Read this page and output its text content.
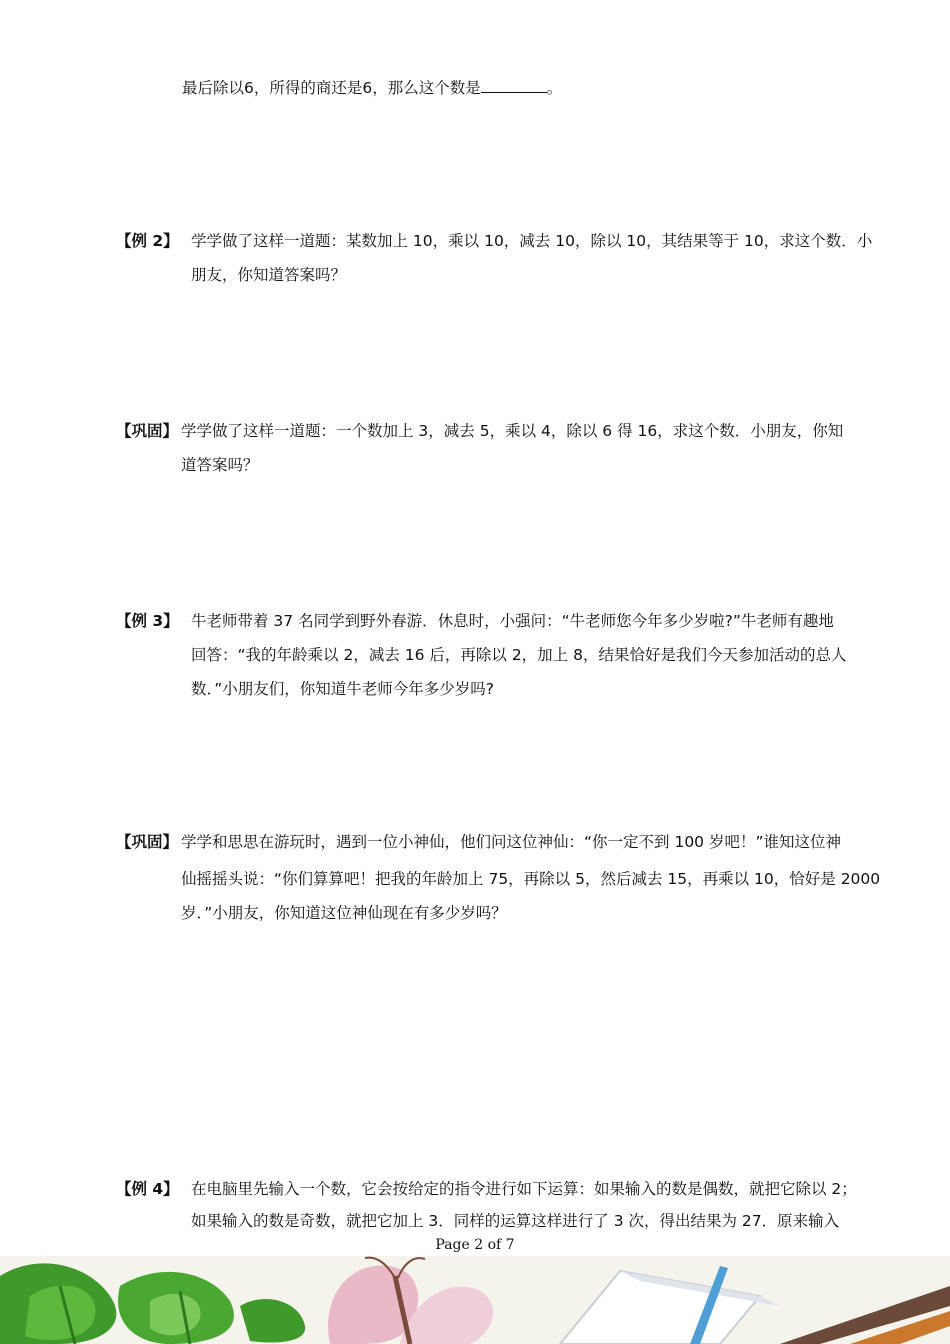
最后除以6，所得的商还是6，那么这个数是	。
【例 2】 学学做了这样一道题：某数加上 10，乘以 10，减去 10，除以 10，其结果等于 10，求这个数．小
朋友，你知道答案吗？
【巩固】 学学做了这样一道题：一个数加上 3，减去 5，乘以 4，除以 6 得 16，求这个数．小朋友，你知
道答案吗？
【例 3】 牛老师带着 37 名同学到野外春游．休息时，小强问：“牛老师您今年多少岁啦?”牛老师有趣地
回答：“我的年龄乘以 2，减去 16 后，再除以 2，加上 8，结果恰好是我们今天参加活动的总人
数．”小朋友们，你知道牛老师今年多少岁吗?
【巩固】 学学和思思在游玩时，遇到一位小神仙，他们问这位神仙：“你一定不到 100 岁吧！”谁知这位神
仙摇摇头说：“你们算算吧！把我的年龄加上 75，再除以 5，然后减去 15，再乘以 10，恰好是 2000
岁．”小朋友，你知道这位神仙现在有多少岁吗？
【例 4】 在电脑里先输入一个数，它会按给定的指令进行如下运算：如果输入的数是偶数，就把它除以 2；
如果输入的数是奇数，就把它加上 3．同样的运算这样进行了 3 次，得出结果为 27．原来输入
Page 2 of 7
